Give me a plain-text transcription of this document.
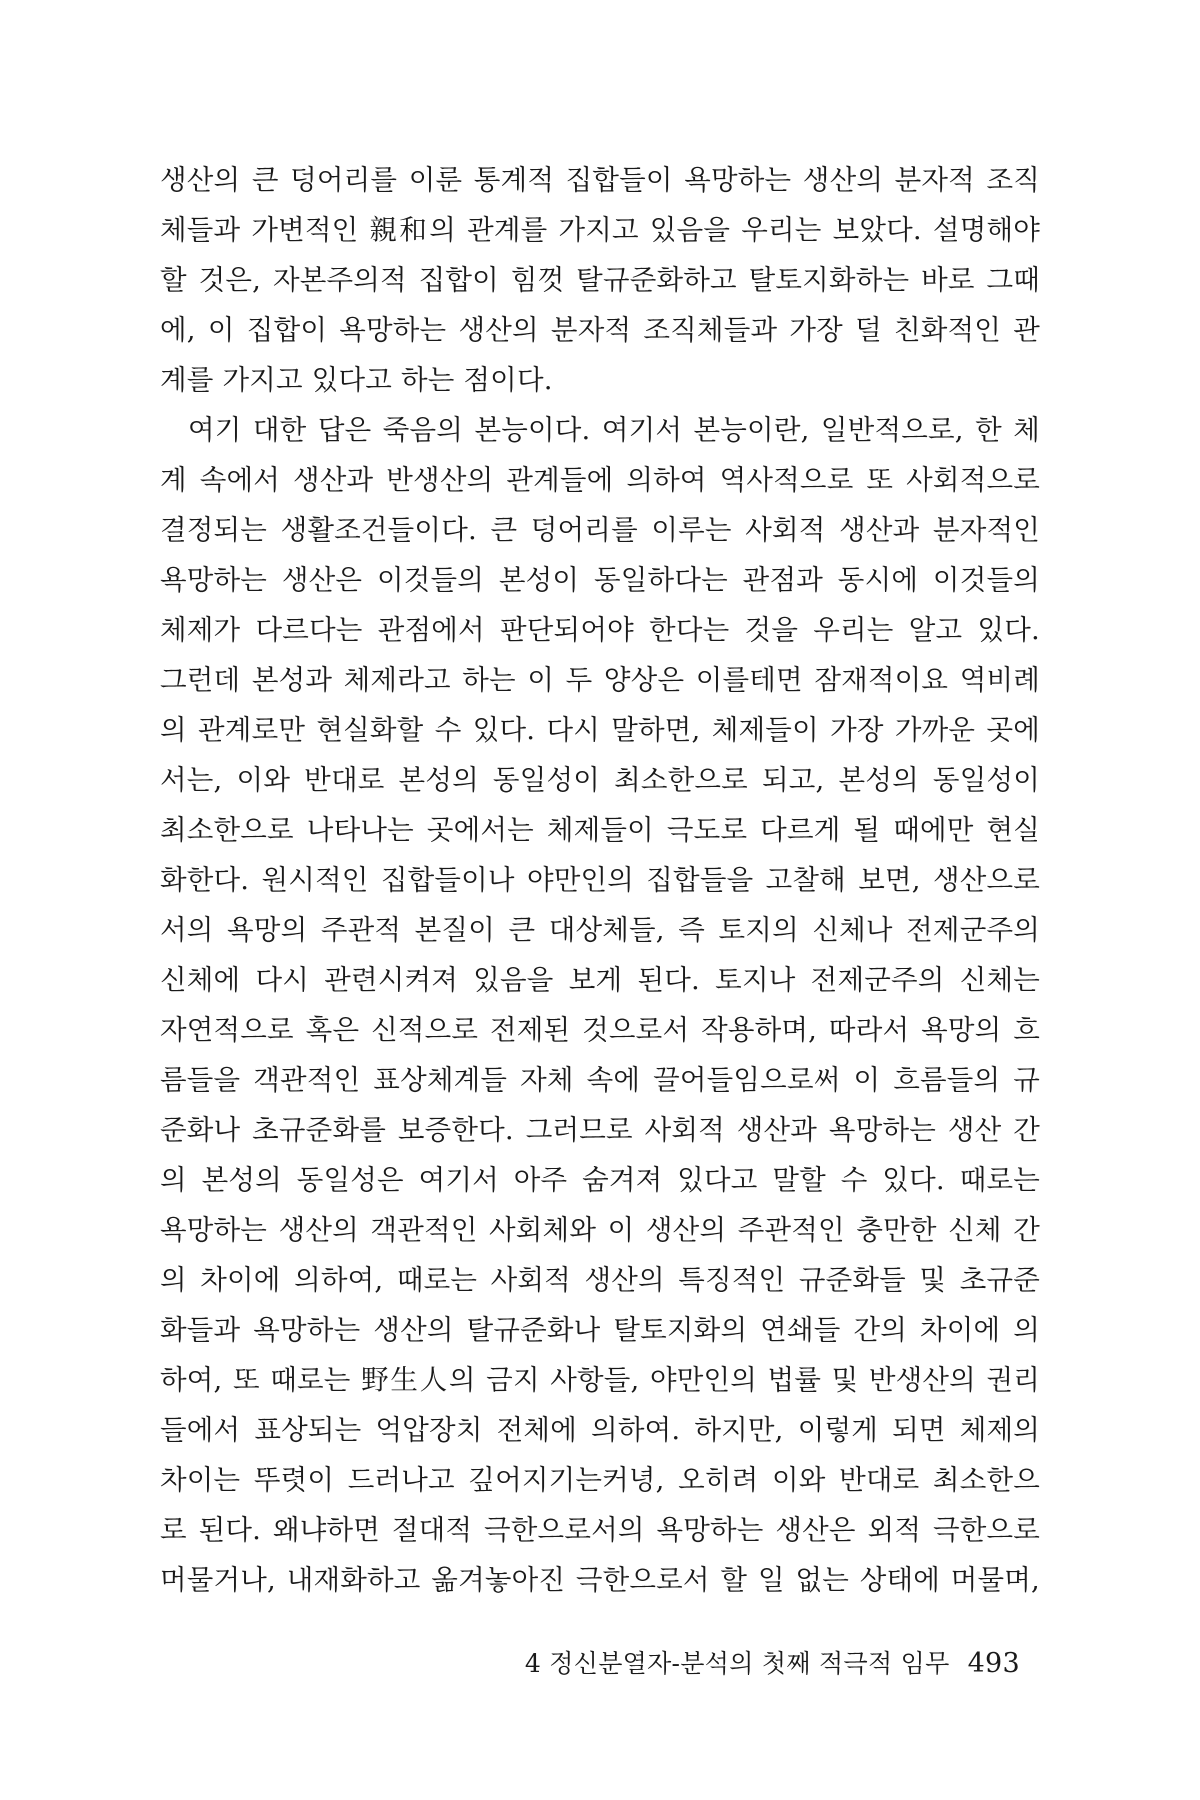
생산의 큰 덩어리를 이룬 통계적 집합들이 욕망하는 생산의 분자적 조직
체들과 가변적인 親和의 관계를 가지고 있음을 우리는 보았다. 설명해야
할 것은, 자본주의적 집합이 힘껏 탈규준화하고 탈토지화하는 바로 그때
에, 이 집합이 욕망하는 생산의 분자적 조직체들과 가장 덜 친화적인 관
계를 가지고 있다고 하는 점이다.
여기 대한 답은 죽음의 본능이다. 여기서 본능이란, 일반적으로, 한 체
계 속에서 생산과 반생산의 관계들에 의하여 역사적으로 또 사회적으로
결정되는 생활조건들이다. 큰 덩어리를 이루는 사회적 생산과 분자적인
욕망하는 생산은 이것들의 본성이 동일하다는 관점과 동시에 이것들의
체제가 다르다는 관점에서 판단되어야 한다는 것을 우리는 알고 있다.
그런데 본성과 체제라고 하는 이 두 양상은 이를테면 잠재적이요 역비례
의 관계로만 현실화할 수 있다. 다시 말하면, 체제들이 가장 가까운 곳에
서는, 이와 반대로 본성의 동일성이 최소한으로 되고, 본성의 동일성이
최소한으로 나타나는 곳에서는 체제들이 극도로 다르게 될 때에만 현실
화한다. 원시적인 집합들이나 야만인의 집합들을 고찰해 보면, 생산으로
서의 욕망의 주관적 본질이 큰 대상체들, 즉 토지의 신체나 전제군주의
신체에 다시 관련시켜져 있음을 보게 된다. 토지나 전제군주의 신체는
자연적으로 혹은 신적으로 전제된 것으로서 작용하며, 따라서 욕망의 흐
름들을 객관적인 표상체계들 자체 속에 끌어들임으로써 이 흐름들의 규
준화나 초규준화를 보증한다. 그러므로 사회적 생산과 욕망하는 생산 간
의 본성의 동일성은 여기서 아주 숨겨져 있다고 말할 수 있다. 때로는
욕망하는 생산의 객관적인 사회체와 이 생산의 주관적인 충만한 신체 간
의 차이에 의하여, 때로는 사회적 생산의 특징적인 규준화들 및 초규준
화들과 욕망하는 생산의 탈규준화나 탈토지화의 연쇄들 간의 차이에 의
하여, 또 때로는 野生人의 금지 사항들, 야만인의 법률 및 반생산의 권리
들에서 표상되는 억압장치 전체에 의하여. 하지만, 이렇게 되면 체제의
차이는 뚜렷이 드러나고 깊어지기는커녕, 오히려 이와 반대로 최소한으
로 된다. 왜냐하면 절대적 극한으로서의 욕망하는 생산은 외적 극한으로
머물거나, 내재화하고 옮겨놓아진 극한으로서 할 일 없는 상태에 머물며,
4 정신분열자-분석의 첫째 적극적 임무 493
